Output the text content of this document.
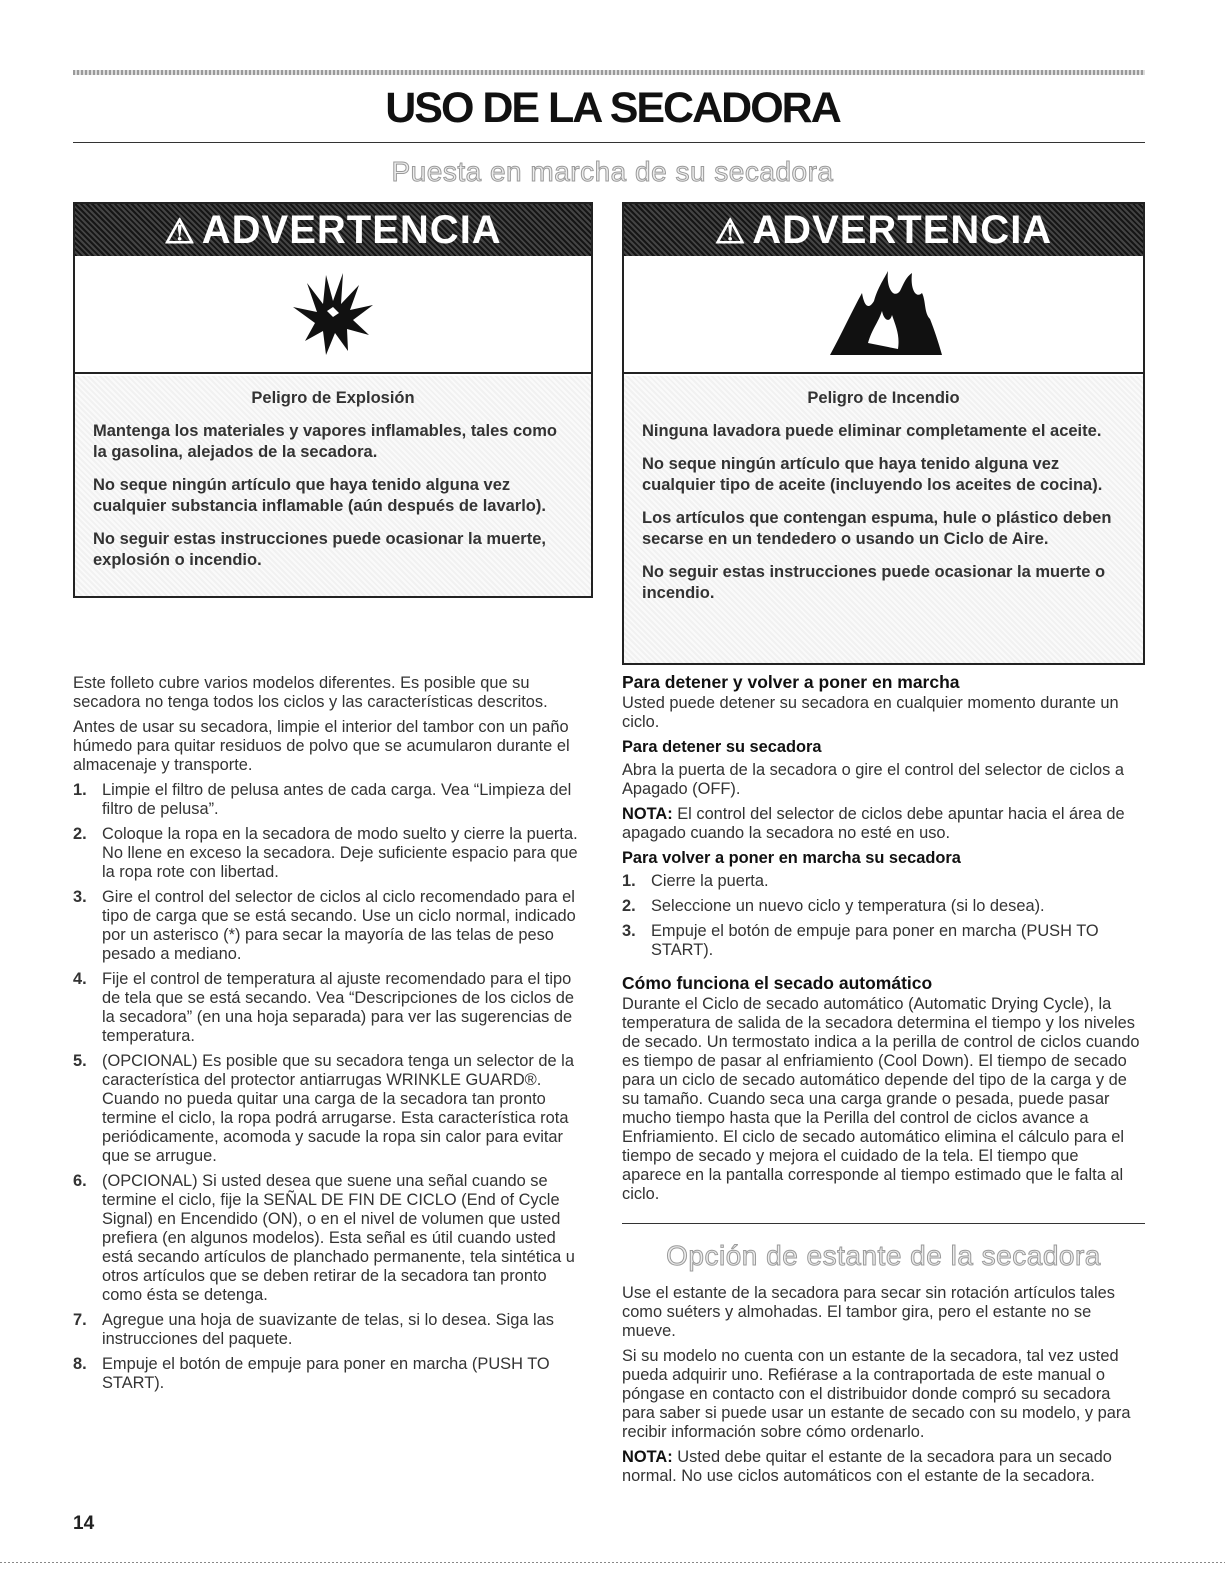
USO DE LA SECADORA
Puesta en marcha de su secadora
⚠ ADVERTENCIA

Peligro de Explosión

Mantenga los materiales y vapores inflamables, tales como la gasolina, alejados de la secadora.

No seque ningún artículo que haya tenido alguna vez cualquier substancia inflamable (aún después de lavarlo).

No seguir estas instrucciones puede ocasionar la muerte, explosión o incendio.

⚠ ADVERTENCIA

Peligro de Incendio

Ninguna lavadora puede eliminar completamente el aceite.

No seque ningún artículo que haya tenido alguna vez cualquier tipo de aceite (incluyendo los aceites de cocina).

Los artículos que contengan espuma, hule o plástico deben secarse en un tendedero o usando un Ciclo de Aire.

No seguir estas instrucciones puede ocasionar la muerte o incendio.

Este folleto cubre varios modelos diferentes. Es posible que su secadora no tenga todos los ciclos y las características descritos.

Antes de usar su secadora, limpie el interior del tambor con un paño húmedo para quitar residuos de polvo que se acumularon durante el almacenaje y transporte.

1. Limpie el filtro de pelusa antes de cada carga. Vea “Limpieza del filtro de pelusa”.
2. Coloque la ropa en la secadora de modo suelto y cierre la puerta. No llene en exceso la secadora. Deje suficiente espacio para que la ropa rote con libertad.
3. Gire el control del selector de ciclos al ciclo recomendado para el tipo de carga que se está secando. Use un ciclo normal, indicado por un asterisco (*) para secar la mayoría de las telas de peso pesado a mediano.
4. Fije el control de temperatura al ajuste recomendado para el tipo de tela que se está secando. Vea “Descripciones de los ciclos de la secadora” (en una hoja separada) para ver las sugerencias de temperatura.
5. (OPCIONAL) Es posible que su secadora tenga un selector de la característica del protector antiarrugas WRINKLE GUARD®. Cuando no pueda quitar una carga de la secadora tan pronto termine el ciclo, la ropa podrá arrugarse. Esta característica rota periódicamente, acomoda y sacude la ropa sin calor para evitar que se arrugue.
6. (OPCIONAL) Si usted desea que suene una señal cuando se termine el ciclo, fije la SEÑAL DE FIN DE CICLO (End of Cycle Signal) en Encendido (ON), o en el nivel de volumen que usted prefiera (en algunos modelos). Esta señal es útil cuando usted está secando artículos de planchado permanente, tela sintética u otros artículos que se deben retirar de la secadora tan pronto como ésta se detenga.
7. Agregue una hoja de suavizante de telas, si lo desea. Siga las instrucciones del paquete.
8. Empuje el botón de empuje para poner en marcha (PUSH TO START).
Para detener y volver a poner en marcha

Usted puede detener su secadora en cualquier momento durante un ciclo.

Para detener su secadora

Abra la puerta de la secadora o gire el control del selector de ciclos a Apagado (OFF).

NOTA: El control del selector de ciclos debe apuntar hacia el área de apagado cuando la secadora no esté en uso.

Para volver a poner en marcha su secadora
1. Cierre la puerta.
2. Seleccione un nuevo ciclo y temperatura (si lo desea).
3. Empuje el botón de empuje para poner en marcha (PUSH TO START).
Cómo funciona el secado automático

Durante el Ciclo de secado automático (Automatic Drying Cycle), la temperatura de salida de la secadora determina el tiempo y los niveles de secado. Un termostato indica a la perilla de control de ciclos cuando es tiempo de pasar al enfriamiento (Cool Down). El tiempo de secado para un ciclo de secado automático depende del tipo de la carga y de su tamaño. Cuando seca una carga grande o pesada, puede pasar mucho tiempo hasta que la Perilla del control de ciclos avance a Enfriamiento. El ciclo de secado automático elimina el cálculo para el tiempo de secado y mejora el cuidado de la tela. El tiempo que aparece en la pantalla corresponde al tiempo estimado que le falta al ciclo.

Opción de estante de la secadora

Use el estante de la secadora para secar sin rotación artículos tales como suéters y almohadas. El tambor gira, pero el estante no se mueve.

Si su modelo no cuenta con un estante de la secadora, tal vez usted pueda adquirir uno. Refiérase a la contraportada de este manual o póngase en contacto con el distribuidor donde compró su secadora para saber si puede usar un estante de secado con su modelo, y para recibir información sobre cómo ordenarlo.

NOTA: Usted debe quitar el estante de la secadora para un secado normal. No use ciclos automáticos con el estante de la secadora.

14
